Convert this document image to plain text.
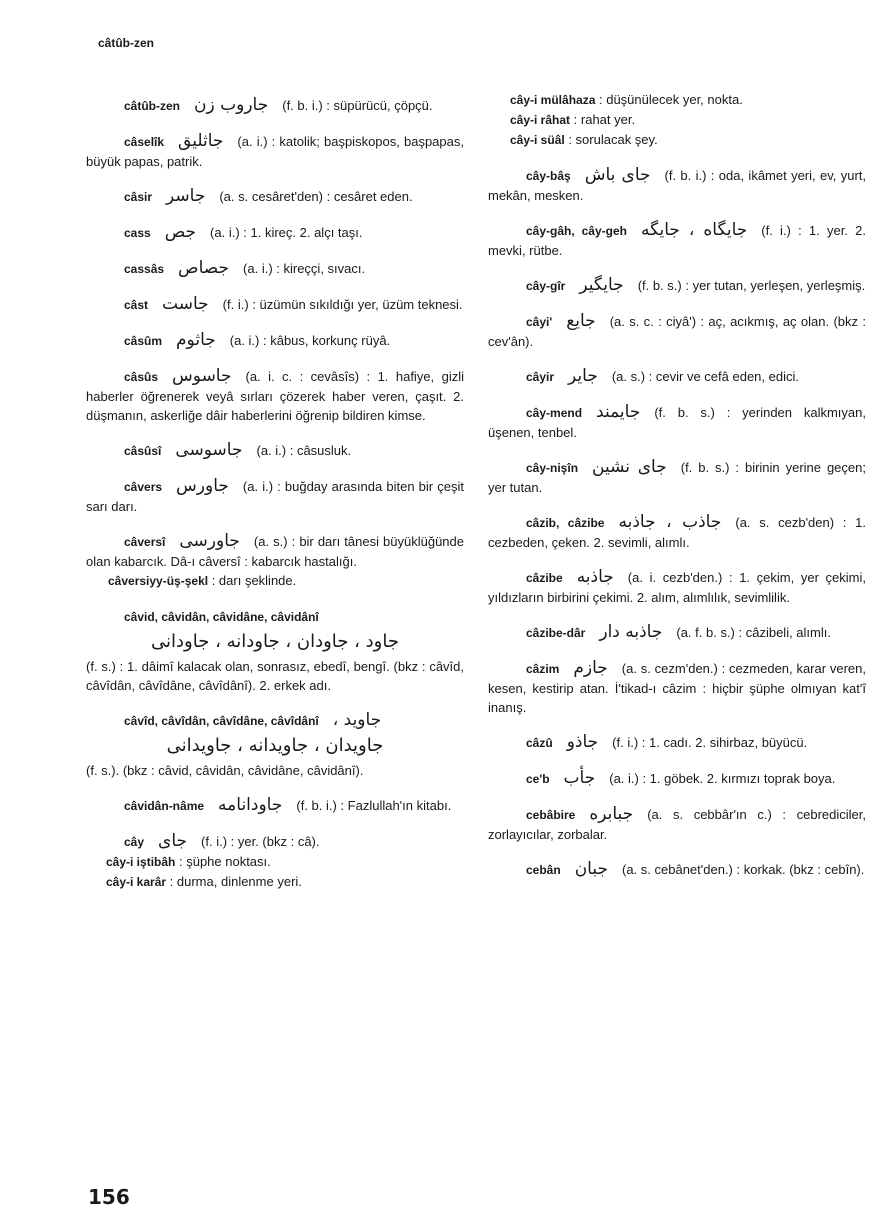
câtûb-zen

câtûb-zen جاروب زن (f. b. i.) : süpürücü, çöpçü.

câselîk جاثليق (a. i.) : katolik; başpiskopos, başpapas, büyük papas, patrik.

câsir جاسر (a. s. cesâret'den) : cesâret eden.

cass جص (a. i.) : 1. kireç. 2. alçı taşı.

cassâs جصاص (a. i.) : kireççi, sıvacı.

câst جاست (f. i.) : üzümün sıkıldığı yer, üzüm teknesi.

câsûm جاثوم (a. i.) : kâbus, korkunç rüyâ.

câsûs جاسوس (a. i. c. : cevâsîs) : 1. hafiye, gizli haberler öğrenerek veyâ sırları çözerek haber veren, çaşıt. 2. düşmanın, askerliğe dâir haberlerini öğrenip bildiren kimse.

câsûsî جاسوسى (a. i.) : câsusluk.

câvers جاورس (a. i.) : buğday arasında biten bir çeşit sarı darı.

câversî جاورسى (a. s.) : bir darı tânesi büyüklüğünde olan kabarcık. Dâ-ı câversî : kabarcık hastalığı.

câversiyy-üş-şekl : darı şeklinde.

câvid, câvidân, câvidâne, câvidânî
جاود ، جاودان ، جاودانه ، جاودانى
(f. s.) : 1. dâimî kalacak olan, sonrasız, ebedî, bengî. (bkz : câvîd, câvîdân, câvîdâne, câvîdânî). 2. erkek adı.

câvîd, câvîdân, câvîdâne, câvîdânî جاويد ،
جاويدان ، جاويدانه ، جاويدانى
(f. s.). (bkz : câvid, câvidân, câvidâne, câvidânî).

câvidân-nâme جاودانامه (f. b. i.) : Fazlullah'ın kitabı.

cây جاى (f. i.) : yer. (bkz : câ).

cây-i iştibâh : şüphe noktası.

cây-i karâr : durma, dinlenme yeri.

cây-i mülâhaza : düşünülecek yer, nokta.

cây-i râhat : rahat yer.

cây-i süâl : sorulacak şey.

cây-bâş جاى باش (f. b. i.) : oda, ikâmet yeri, ev, yurt, mekân, mesken.

cây-gâh, cây-geh جايگاه ، جايگه (f. i.) : 1. yer. 2. mevki, rütbe.

cây-gîr جايگير (f. b. s.) : yer tutan, yerleşen, yerleşmiş.

câyi' جايع (a. s. c. : ciyâ') : aç, acıkmış, aç olan. (bkz : cev'ân).

câyir جاير (a. s.) : cevir ve cefâ eden, edici.

cây-mend جايمند (f. b. s.) : yerinden kalkmıyan, üşenen, tenbel.

cây-nişîn جاى نشين (f. b. s.) : birinin yerine geçen; yer tutan.

câzib, câzibe جاذب ، جاذبه (a. s. cezb'den) : 1. cezbeden, çeken. 2. sevimli, alımlı.

câzibe جاذبه (a. i. cezb'den.) : 1. çekim, yer çekimi, yıldızların birbirini çekimi. 2. alım, alımlılık, sevimlilik.

câzibe-dâr جاذبه دار (a. f. b. s.) : câzibeli, alımlı.

câzim جازم (a. s. cezm'den.) : cezmeden, karar veren, kesen, kestirip atan. İ'tikad-ı câzim : hiçbir şüphe olmıyan kat'î inanış.

câzû جاذو (f. i.) : 1. cadı. 2. sihirbaz, büyücü.

ce'b جأب (a. i.) : 1. göbek. 2. kırmızı toprak boya.

cebâbire جبابره (a. s. cebbâr'ın c.) : cebrediciler, zorlayıcılar, zorbalar.

cebân جبان (a. s. cebânet'den.) : korkak. (bkz : cebîn).

156
